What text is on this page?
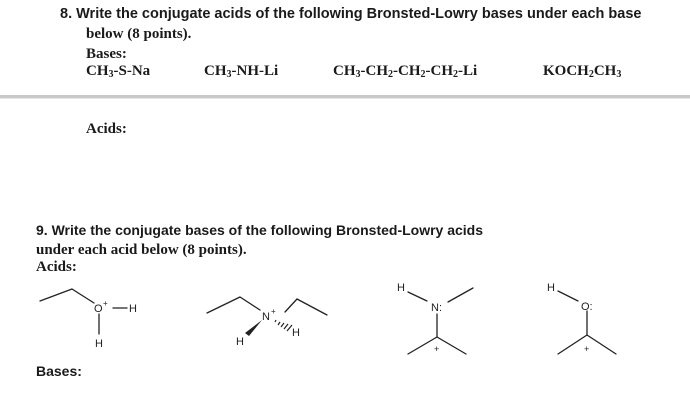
8. Write the conjugate acids of the following Bronsted-Lowry bases under each base
below (8 points).
Bases:
$CH_3-S-Na$	$CH_3-NH-Li$	$CH_3-CH_2-CH_2-CH_2-Li$	$KOCH_2CH_3$
Acids:
9. Write the conjugate bases of the following Bronsted-Lowry acids
under each acid below (8 points).
Acids:
O + H
H
N +
H
H
H
N:
+
H
O:
+
Bases:
